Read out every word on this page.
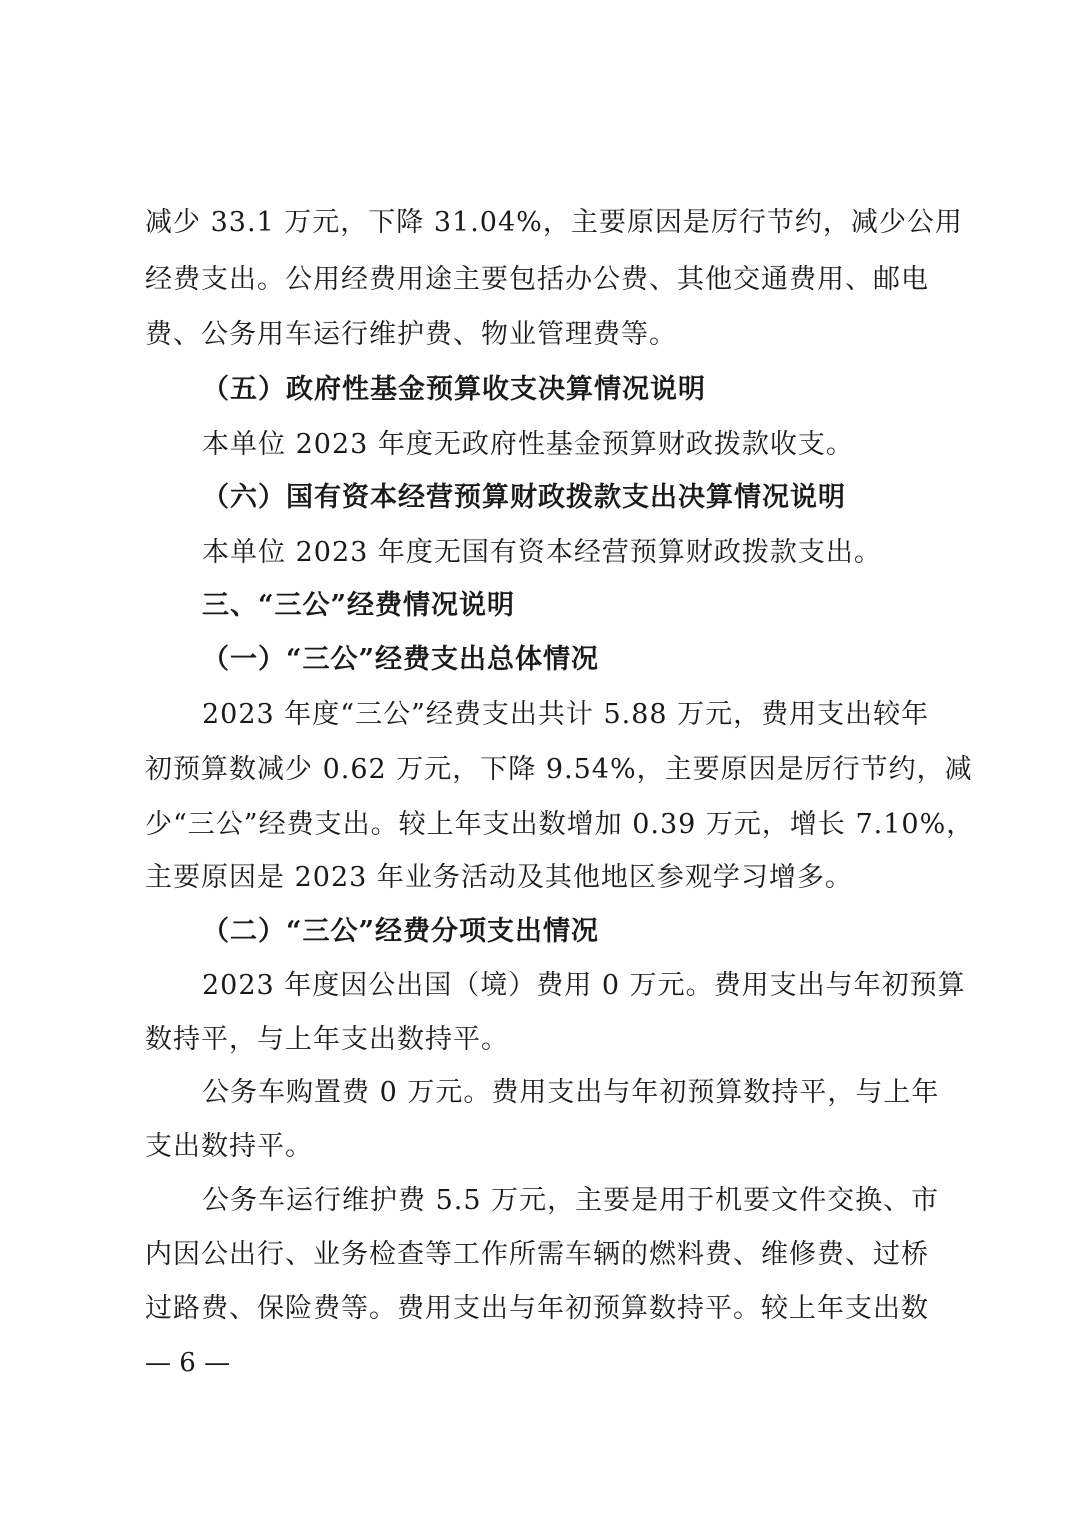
减少 33.1 万元，下降 31.04%，主要原因是厉行节约，减少公用
经费支出。公用经费用途主要包括办公费、其他交通费用、邮电
费、公务用车运行维护费、物业管理费等。
（五）政府性基金预算收支决算情况说明
本单位 2023 年度无政府性基金预算财政拨款收支。
（六）国有资本经营预算财政拨款支出决算情况说明
本单位 2023 年度无国有资本经营预算财政拨款支出。
三、“三公”经费情况说明
（一）“三公”经费支出总体情况
2023 年度“三公”经费支出共计 5.88 万元，费用支出较年
初预算数减少 0.62 万元，下降 9.54%，主要原因是厉行节约，减
少“三公”经费支出。较上年支出数增加 0.39 万元，增长 7.10%，
主要原因是 2023 年业务活动及其他地区参观学习增多。
（二）“三公”经费分项支出情况
2023 年度因公出国（境）费用 0 万元。费用支出与年初预算
数持平，与上年支出数持平。
公务车购置费 0 万元。费用支出与年初预算数持平，与上年
支出数持平。
公务车运行维护费 5.5 万元，主要是用于机要文件交换、市
内因公出行、业务检查等工作所需车辆的燃料费、维修费、过桥
过路费、保险费等。费用支出与年初预算数持平。较上年支出数
— 6 —
